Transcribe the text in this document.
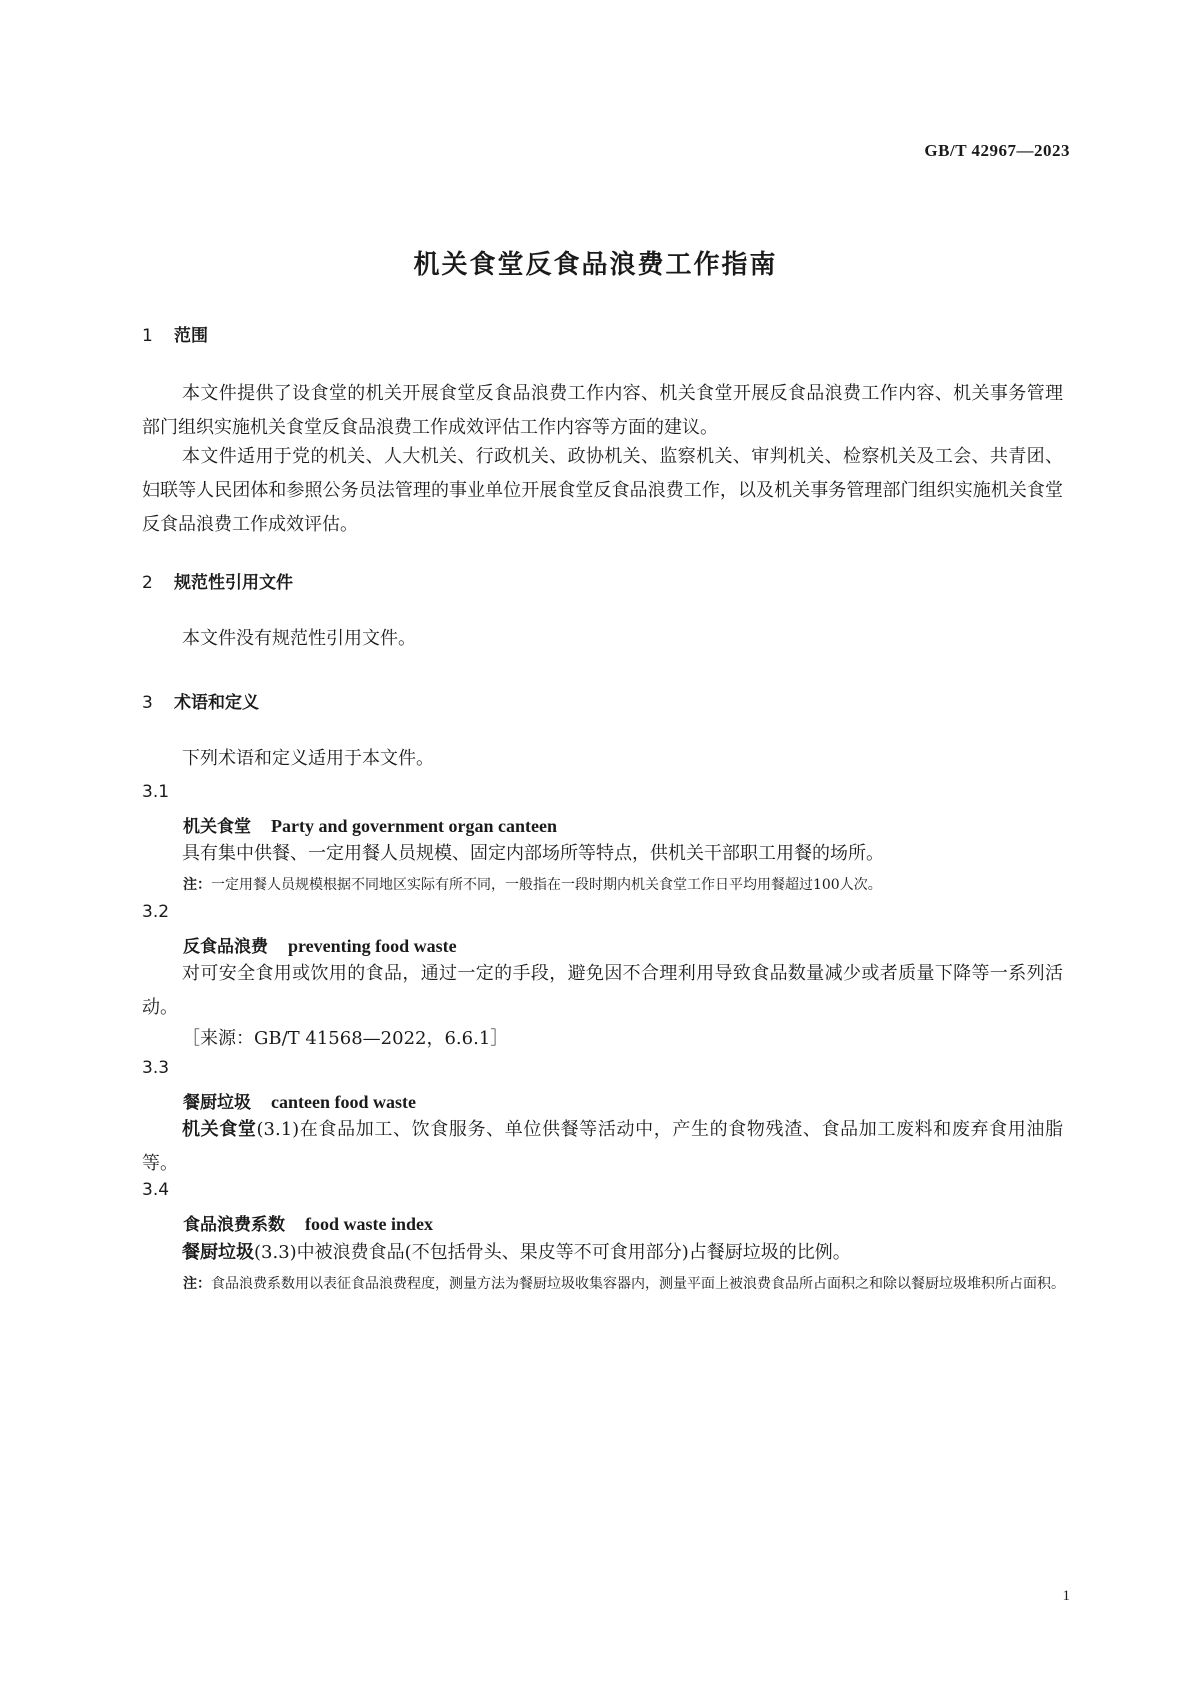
GB/T 42967—2023
机关食堂反食品浪费工作指南
1 范围
本文件提供了设食堂的机关开展食堂反食品浪费工作内容、机关食堂开展反食品浪费工作内容、机关事务管理部门组织实施机关食堂反食品浪费工作成效评估工作内容等方面的建议。
本文件适用于党的机关、人大机关、行政机关、政协机关、监察机关、审判机关、检察机关及工会、共青团、妇联等人民团体和参照公务员法管理的事业单位开展食堂反食品浪费工作，以及机关事务管理部门组织实施机关食堂反食品浪费工作成效评估。
2 规范性引用文件
本文件没有规范性引用文件。
3 术语和定义
下列术语和定义适用于本文件。
3.1
机关食堂 Party and government organ canteen
具有集中供餐、一定用餐人员规模、固定内部场所等特点，供机关干部职工用餐的场所。
注：一定用餐人员规模根据不同地区实际有所不同，一般指在一段时期内机关食堂工作日平均用餐超过100人次。
3.2
反食品浪费 preventing food waste
对可安全食用或饮用的食品，通过一定的手段，避免因不合理利用导致食品数量减少或者质量下降等一系列活动。
［来源：GB/T 41568—2022，6.6.1］
3.3
餐厨垃圾 canteen food waste
机关食堂(3.1)在食品加工、饮食服务、单位供餐等活动中，产生的食物残渣、食品加工废料和废弃食用油脂等。
3.4
食品浪费系数 food waste index
餐厨垃圾(3.3)中被浪费食品(不包括骨头、果皮等不可食用部分)占餐厨垃圾的比例。
注：食品浪费系数用以表征食品浪费程度，测量方法为餐厨垃圾收集容器内，测量平面上被浪费食品所占面积之和除以餐厨垃圾堆积所占面积。
1
